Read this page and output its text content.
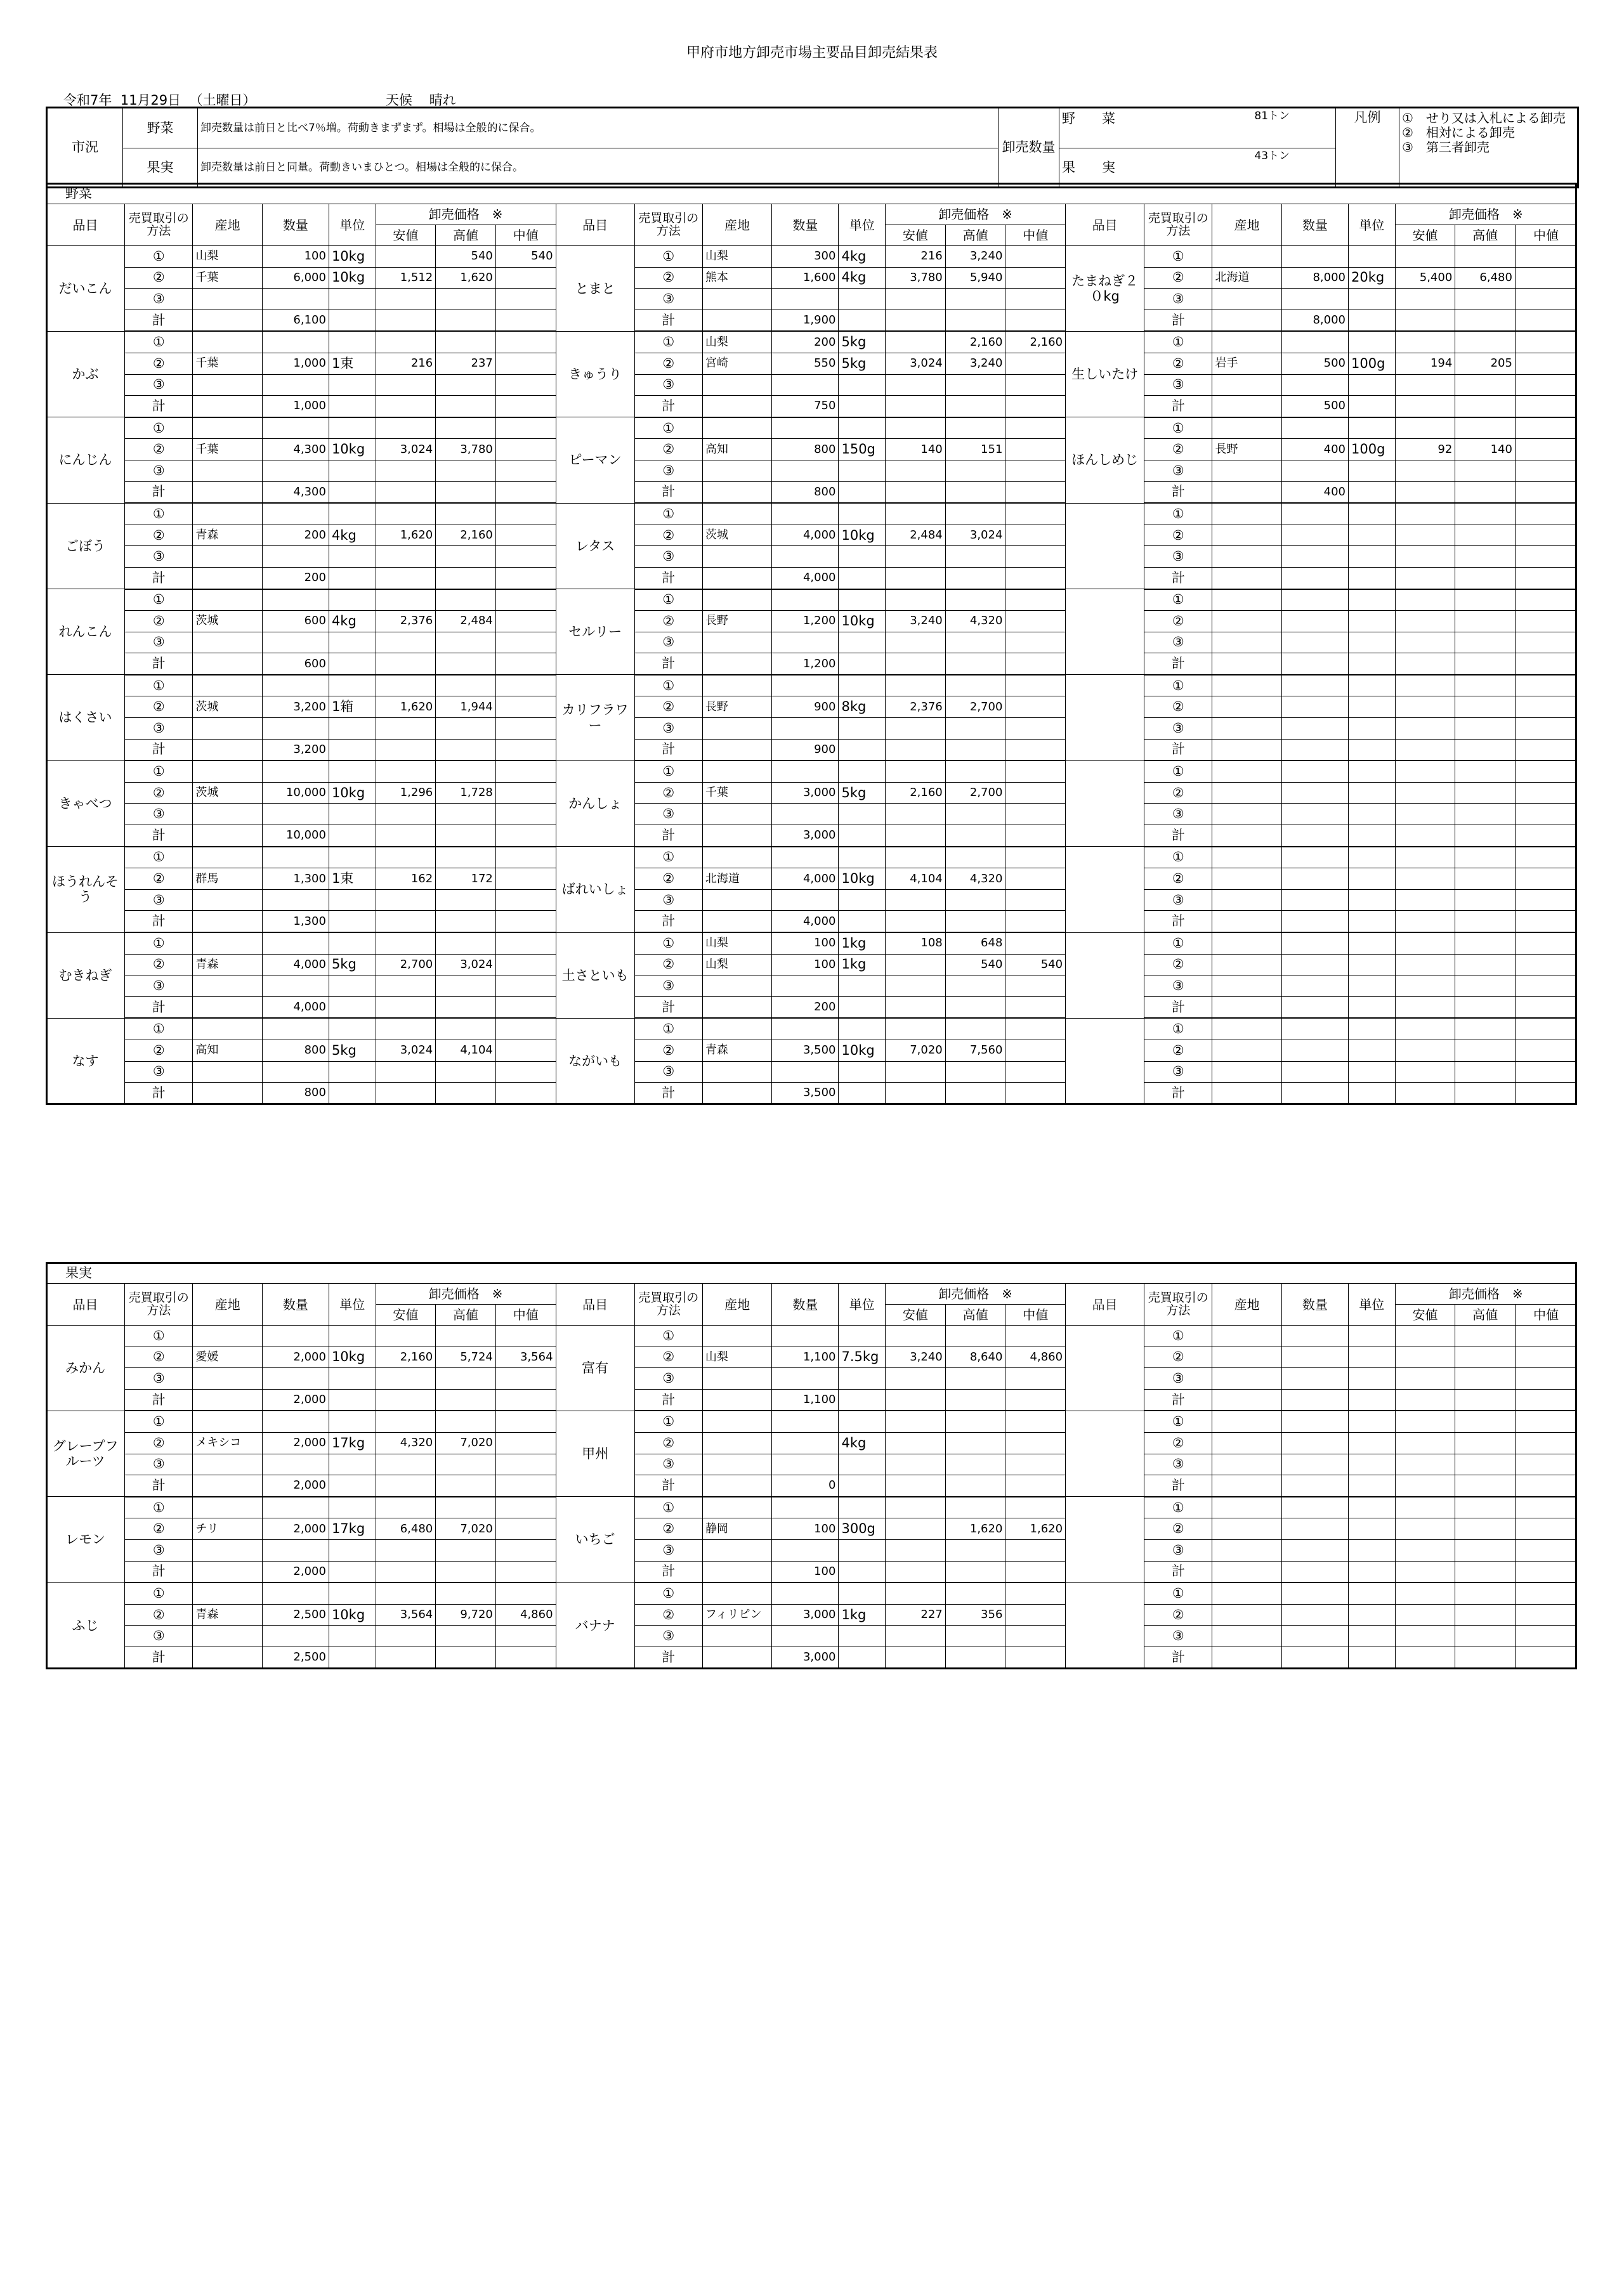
甲府市地方卸売市場主要品目卸売結果表
令和7年  11月29日  （土曜日）	天候    晴れ
市況	野菜	卸売数量は前日と比べ7％増。荷動きまずまず。相場は全般的に保合。	卸売数量	野　　菜	81トン	凡例	①　せり又は入札による卸売
②　相対による卸売
③　第三者卸売

	果実	卸売数量は前日と同量。荷動きいまひとつ。相場は全般的に保合。		果　　実	43トン		
野菜																							
品目	売買取引の方法	産地	数量	単位	卸売価格　※			品目	売買取引の方法	産地	数量	単位	卸売価格　※			品目	売買取引の方法	産地	数量	単位	卸売価格　※		
					安値	高値	中値						安値	高値	中値						安値	高値	中値
だいこん	①	山梨	100	10kg		540	540	とまと	①	山梨	300	4kg	216	3,240		たまねぎ２０kg	①						
	②	千葉	6,000	10kg	1,512	1,620			②	熊本	1,600	4kg	3,780	5,940			②	北海道	8,000	20kg	5,400	6,480	
	③								③								③						
	計		6,100						計		1,900						計		8,000				
かぶ	①							きゅうり	①	山梨	200	5kg		2,160	2,160	生しいたけ	①						
	②	千葉	1,000	1束	216	237			②	宮崎	550	5kg	3,024	3,240			②	岩手	500	100g	194	205	
	③								③								③						
	計		1,000						計		750						計		500				
にんじん	①							ピーマン	①							ほんしめじ	①						
	②	千葉	4,300	10kg	3,024	3,780			②	高知	800	150g	140	151			②	長野	400	100g	92	140	
	③								③								③						
	計		4,300						計		800						計		400				
ごぼう	①							レタス	①								①						
	②	青森	200	4kg	1,620	2,160			②	茨城	4,000	10kg	2,484	3,024			②						
	③								③								③						
	計		200						計		4,000						計						
れんこん	①							セルリー	①								①						
	②	茨城	600	4kg	2,376	2,484			②	長野	1,200	10kg	3,240	4,320			②						
	③								③								③						
	計		600						計		1,200						計						
はくさい	①							カリフラワー	①								①						
	②	茨城	3,200	1箱	1,620	1,944			②	長野	900	8kg	2,376	2,700			②						
	③								③								③						
	計		3,200						計		900						計						
きゃべつ	①							かんしょ	①								①						
	②	茨城	10,000	10kg	1,296	1,728			②	千葉	3,000	5kg	2,160	2,700			②						
	③								③								③						
	計		10,000						計		3,000						計						
ほうれんそう	①							ばれいしょ	①								①						
	②	群馬	1,300	1束	162	172			②	北海道	4,000	10kg	4,104	4,320			②						
	③								③								③						
	計		1,300						計		4,000						計						
むきねぎ	①							土さといも	①	山梨	100	1kg	108	648			①						
	②	青森	4,000	5kg	2,700	3,024			②	山梨	100	1kg		540	540		②						
	③								③								③						
	計		4,000						計		200						計						
なす	①							ながいも	①								①						
	②	高知	800	5kg	3,024	4,104			②	青森	3,500	10kg	7,020	7,560			②						
	③								③								③						
	計		800						計		3,500						計						
果実																							
品目	売買取引の方法	産地	数量	単位	卸売価格　※			品目	売買取引の方法	産地	数量	単位	卸売価格　※			品目	売買取引の方法	産地	数量	単位	卸売価格　※		
					安値	高値	中値						安値	高値	中値						安値	高値	中値
みかん	①							富有	①								①						
	②	愛媛	2,000	10kg	2,160	5,724	3,564		②	山梨	1,100	7.5kg	3,240	8,640	4,860		②						
	③								③								③						
	計		2,000						計		1,100						計						
グレープフルーツ	①							甲州	①								①						
	②	メキシコ	2,000	17kg	4,320	7,020			②			4kg					②						
	③								③								③						
	計		2,000						計		0						計						
レモン	①							いちご	①								①						
	②	チリ	2,000	17kg	6,480	7,020			②	静岡	100	300g		1,620	1,620		②						
	③								③								③						
	計		2,000						計		100						計						
ふじ	①							バナナ	①								①						
	②	青森	2,500	10kg	3,564	9,720	4,860		②	フィリピン	3,000	1kg	227	356			②						
	③								③								③						
	計		2,500						計		3,000						計						
